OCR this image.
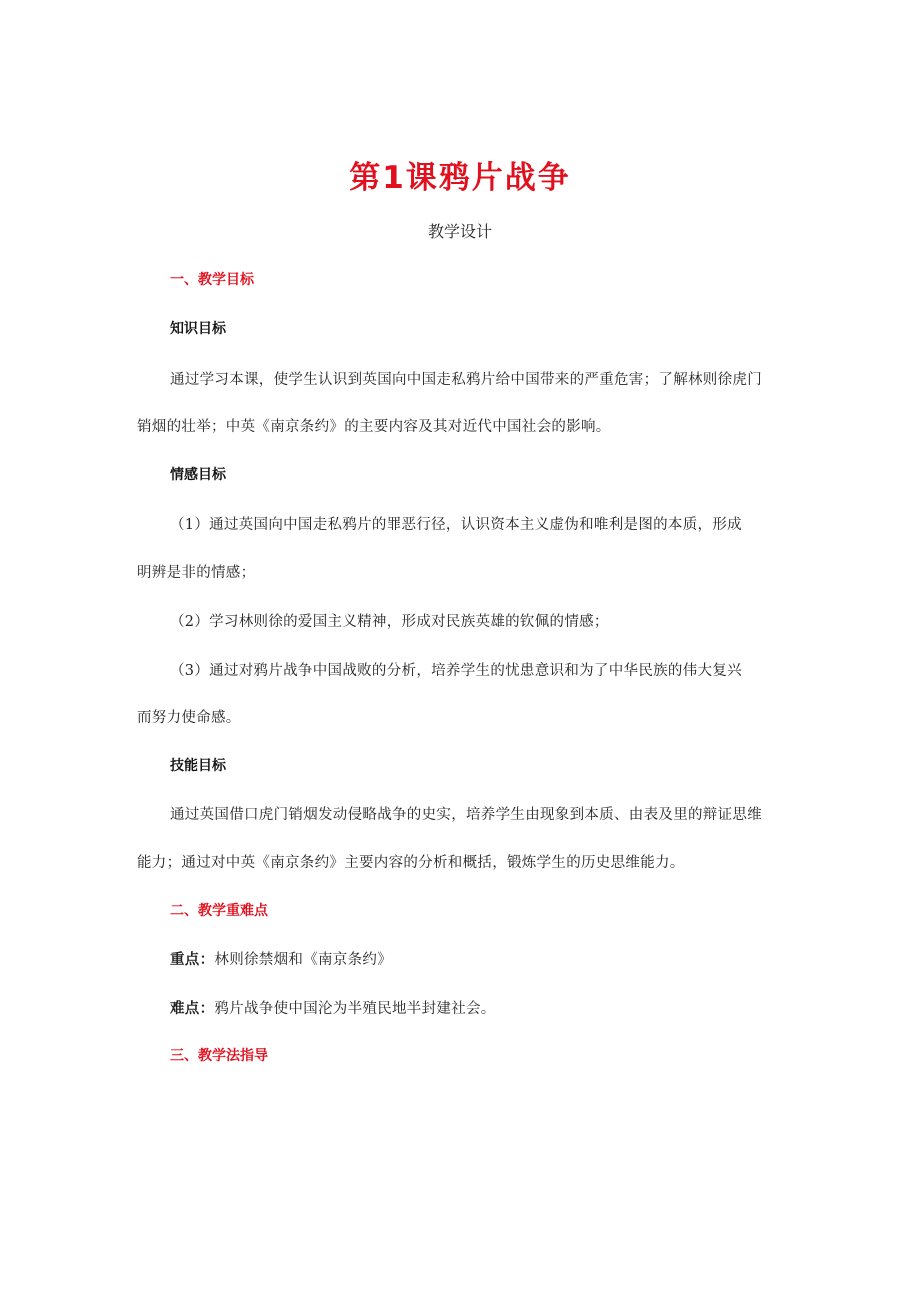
第1课鸦片战争
教学设计
一、教学目标
知识目标
通过学习本课，使学生认识到英国向中国走私鸦片给中国带来的严重危害；了解林则徐虎门
销烟的壮举；中英《南京条约》的主要内容及其对近代中国社会的影响。
情感目标
（1）通过英国向中国走私鸦片的罪恶行径，认识资本主义虚伪和唯利是图的本质，形成
明辨是非的情感；
（2）学习林则徐的爱国主义精神，形成对民族英雄的钦佩的情感；
（3）通过对鸦片战争中国战败的分析，培养学生的忧患意识和为了中华民族的伟大复兴
而努力使命感。
技能目标
通过英国借口虎门销烟发动侵略战争的史实，培养学生由现象到本质、由表及里的辩证思维
能力；通过对中英《南京条约》主要内容的分析和概括，锻炼学生的历史思维能力。
二、教学重难点
重点：林则徐禁烟和《南京条约》
难点：鸦片战争使中国沦为半殖民地半封建社会。
三、教学法指导
